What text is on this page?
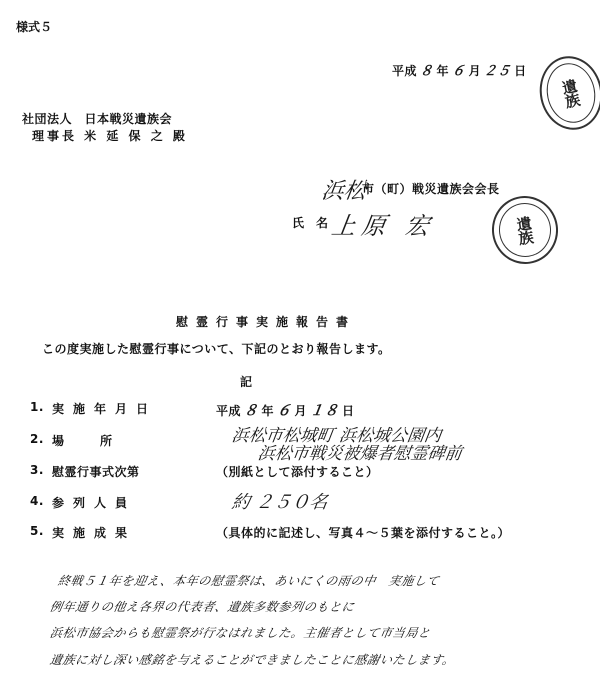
様式５
平成 ８ 年 ６ 月 ２５ 日
遺族
社団法人　日本戦災遺族会
理事長 米 延 保 之 殿
浜松
市（町）戦災遺族会会長
氏名
上原 宏	遺族
慰霊行事実施報告書
この度実施した慰霊行事について、下記のとおり報告します。
記
1. 実施年月日	平成 ８ 年 ６ 月 １８ 日
2. 場　　　所	浜松市松城町 浜松城公園内
浜松市戦災被爆者慰霊碑前
3. 慰霊行事式次第	（別紙として添付すること）
4. 参列人員	約 ２５０名
5. 実施成果	（具体的に記述し、写真４～５葉を添付すること。）
終戦５１年を迎え、本年の慰霊祭は、あいにくの雨の中　実施して
例年通りの他え各界の代表者、遺族多数参列のもとに
浜松市協会からも慰霊祭が行なはれました。主催者として市当局と
遺族に対し深い感銘を与えることができましたことに感謝いたします。
